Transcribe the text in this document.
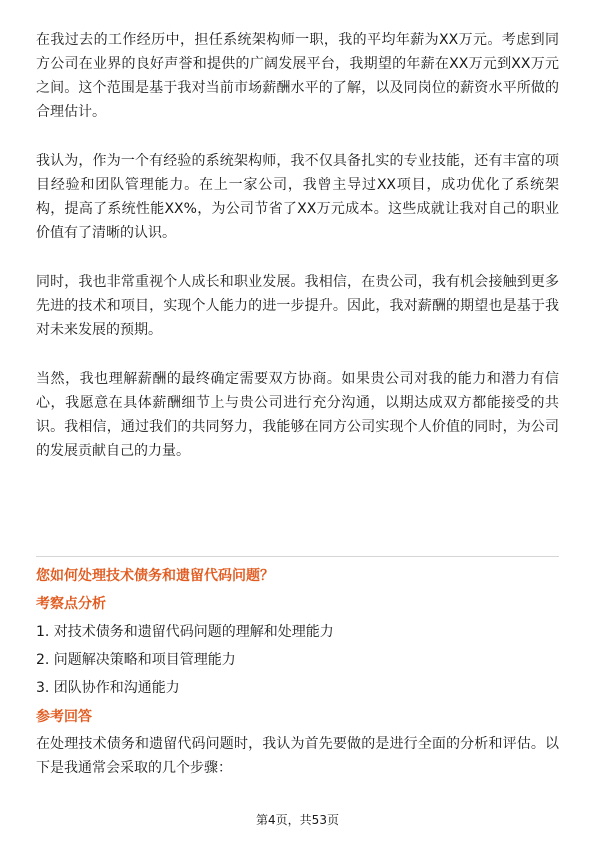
在我过去的工作经历中，担任系统架构师一职，我的平均年薪为XX万元。考虑到同方公司在业界的良好声誉和提供的广阔发展平台，我期望的年薪在XX万元到XX万元之间。这个范围是基于我对当前市场薪酬水平的了解，以及同岗位的薪资水平所做的合理估计。

我认为，作为一个有经验的系统架构师，我不仅具备扎实的专业技能，还有丰富的项目经验和团队管理能力。在上一家公司，我曾主导过XX项目，成功优化了系统架构，提高了系统性能XX%，为公司节省了XX万元成本。这些成就让我对自己的职业价值有了清晰的认识。

同时，我也非常重视个人成长和职业发展。我相信，在贵公司，我有机会接触到更多先进的技术和项目，实现个人能力的进一步提升。因此，我对薪酬的期望也是基于我对未来发展的预期。

当然，我也理解薪酬的最终确定需要双方协商。如果贵公司对我的能力和潜力有信心，我愿意在具体薪酬细节上与贵公司进行充分沟通，以期达成双方都能接受的共识。我相信，通过我们的共同努力，我能够在同方公司实现个人价值的同时，为公司的发展贡献自己的力量。

您如何处理技术债务和遗留代码问题？
考察点分析
1. 对技术债务和遗留代码问题的理解和处理能力
2. 问题解决策略和项目管理能力
3. 团队协作和沟通能力
参考回答

在处理技术债务和遗留代码问题时，我认为首先要做的是进行全面的分析和评估。以下是我通常会采取的几个步骤：

第4页，共53页
